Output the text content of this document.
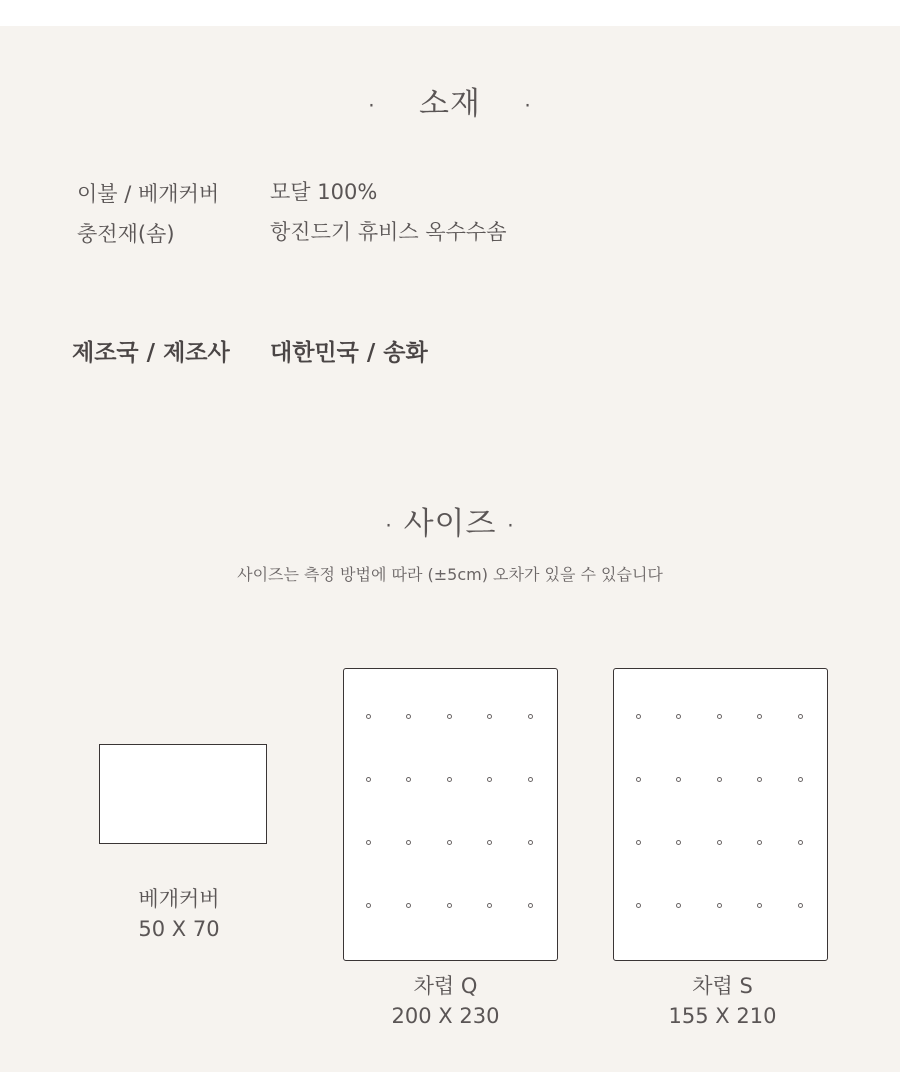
· 소재 ·
이불 / 베개커버 모달 100%
충전재(솜)	항진드기 휴비스 옥수수솜
제조국 / 제조사 대한민국 / 송화
· 사이즈 ·
사이즈는 측정 방법에 따라 (±5cm) 오차가 있을 수 있습니다
베개커버
50 X 70
차렵 Q
200 X 230
차렵 S
155 X 210
